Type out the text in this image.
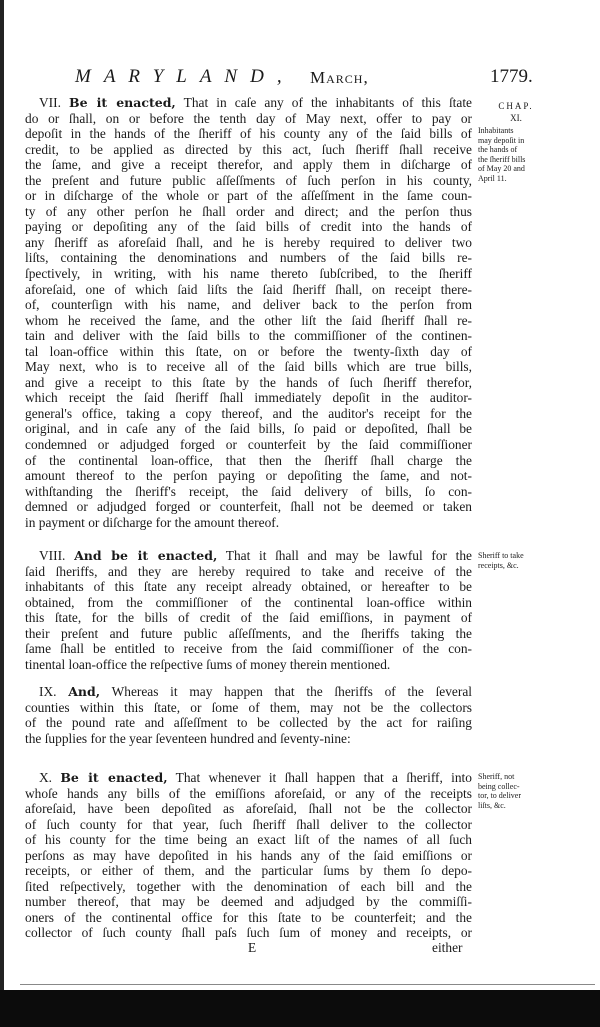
MARYLAND, March,	1779.
CHAP.
XI.
Inhabitants
may depoſit in
the hands of
the ſheriff bills
of May 20 and
April 11.
Sheriff to take
receipts, &c.
Sheriff, not
being collec-
tor, to deliver
liſts, &c.
VII. Be it enacted, That in caſe any of the inhabitants of this ſtate
do or ſhall, on or before the tenth day of May next, offer to pay or
depoſit in the hands of the ſheriff of his county any of the ſaid bills of
credit, to be applied as directed by this act, ſuch ſheriff ſhall receive
the ſame, and give a receipt therefor, and apply them in diſcharge of
the preſent and future public aſſeſſments of ſuch perſon in his county,
or in diſcharge of the whole or part of the aſſeſſment in the ſame coun-
ty of any other perſon he ſhall order and direct; and the perſon thus
paying or depoſiting any of the ſaid bills of credit into the hands of
any ſheriff as aforeſaid ſhall, and he is hereby required to deliver two
liſts, containing the denominations and numbers of the ſaid bills re-
ſpectively, in writing, with his name thereto ſubſcribed, to the ſheriff
aforeſaid, one of which ſaid liſts the ſaid ſheriff ſhall, on receipt there-
of, counterſign with his name, and deliver back to the perſon from
whom he received the ſame, and the other liſt the ſaid ſheriff ſhall re-
tain and deliver with the ſaid bills to the commiſſioner of the continen-
tal loan-office within this ſtate, on or before the twenty-ſixth day of
May next, who is to receive all of the ſaid bills which are true bills,
and give a receipt to this ſtate by the hands of ſuch ſheriff therefor,
which receipt the ſaid ſheriff ſhall immediately depoſit in the auditor-
general's office, taking a copy thereof, and the auditor's receipt for the
original, and in caſe any of the ſaid bills, ſo paid or depoſited, ſhall be
condemned or adjudged forged or counterfeit by the ſaid commiſſioner
of the continental loan-office, that then the ſheriff ſhall charge the
amount thereof to the perſon paying or depoſiting the ſame, and not-
withſtanding the ſheriff's receipt, the ſaid delivery of bills, ſo con-
demned or adjudged forged or counterfeit, ſhall not be deemed or taken
in payment or diſcharge for the amount thereof.
VIII. And be it enacted, That it ſhall and may be lawful for the
ſaid ſheriffs, and they are hereby required to take and receive of the
inhabitants of this ſtate any receipt already obtained, or hereafter to be
obtained, from the commiſſioner of the continental loan-office within
this ſtate, for the bills of credit of the ſaid emiſſions, in payment of
their preſent and future public aſſeſſments, and the ſheriffs taking the
ſame ſhall be entitled to receive from the ſaid commiſſioner of the con-
tinental loan-office the reſpective ſums of money therein mentioned.
IX. And, Whereas it may happen that the ſheriffs of the ſeveral
counties within this ſtate, or ſome of them, may not be the collectors
of the pound rate and aſſeſſment to be collected by the act for raiſing
the ſupplies for the year ſeventeen hundred and ſeventy-nine:
X. Be it enacted, That whenever it ſhall happen that a ſheriff, into
whoſe hands any bills of the emiſſions aforeſaid, or any of the receipts
aforeſaid, have been depoſited as aforeſaid, ſhall not be the collector
of ſuch county for that year, ſuch ſheriff ſhall deliver to the collector
of his county for the time being an exact liſt of the names of all ſuch
perſons as may have depoſited in his hands any of the ſaid emiſſions or
receipts, or either of them, and the particular ſums by them ſo depo-
ſited reſpectively, together with the denomination of each bill and the
number thereof, that may be deemed and adjudged by the commiſſi-
oners of the continental office for this ſtate to be counterfeit; and the
collector of ſuch county ſhall paſs ſuch ſum of money and receipts, or
E	either
